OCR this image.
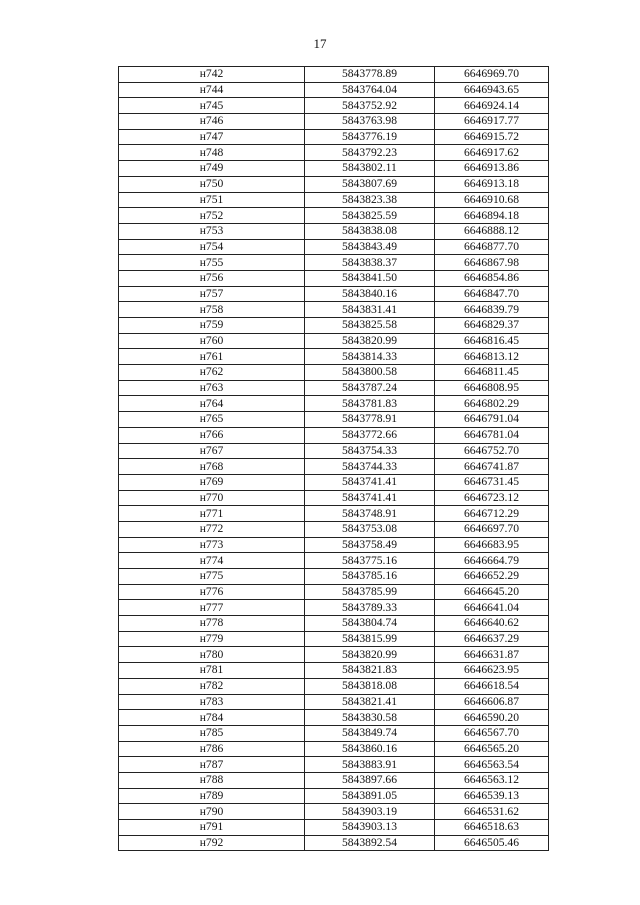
17
н742	5843778.89	6646969.70
н744	5843764.04	6646943.65
н745	5843752.92	6646924.14
н746	5843763.98	6646917.77
н747	5843776.19	6646915.72
н748	5843792.23	6646917.62
н749	5843802.11	6646913.86
н750	5843807.69	6646913.18
н751	5843823.38	6646910.68
н752	5843825.59	6646894.18
н753	5843838.08	6646888.12
н754	5843843.49	6646877.70
н755	5843838.37	6646867.98
н756	5843841.50	6646854.86
н757	5843840.16	6646847.70
н758	5843831.41	6646839.79
н759	5843825.58	6646829.37
н760	5843820.99	6646816.45
н761	5843814.33	6646813.12
н762	5843800.58	6646811.45
н763	5843787.24	6646808.95
н764	5843781.83	6646802.29
н765	5843778.91	6646791.04
н766	5843772.66	6646781.04
н767	5843754.33	6646752.70
н768	5843744.33	6646741.87
н769	5843741.41	6646731.45
н770	5843741.41	6646723.12
н771	5843748.91	6646712.29
н772	5843753.08	6646697.70
н773	5843758.49	6646683.95
н774	5843775.16	6646664.79
н775	5843785.16	6646652.29
н776	5843785.99	6646645.20
н777	5843789.33	6646641.04
н778	5843804.74	6646640.62
н779	5843815.99	6646637.29
н780	5843820.99	6646631.87
н781	5843821.83	6646623.95
н782	5843818.08	6646618.54
н783	5843821.41	6646606.87
н784	5843830.58	6646590.20
н785	5843849.74	6646567.70
н786	5843860.16	6646565.20
н787	5843883.91	6646563.54
н788	5843897.66	6646563.12
н789	5843891.05	6646539.13
н790	5843903.19	6646531.62
н791	5843903.13	6646518.63
н792	5843892.54	6646505.46
